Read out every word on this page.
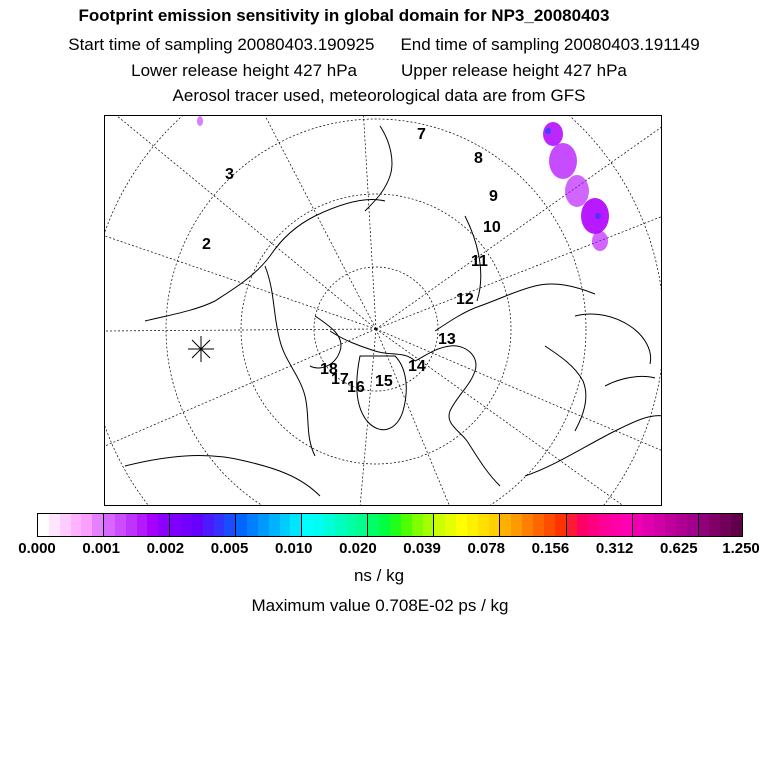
Footprint emission sensitivity in global domain for NP3_20080403
Start time of sampling 20080403.190925 End time of sampling 20080403.191149
Lower release height 427 hPa	Upper release height 427 hPa
Aerosol tracer used, meteorological data are from GFS
2
3
7
8
9
10
11
12
13
14
15
16
17
18
0.000 0.001 0.002 0.005 0.010 0.020 0.039 0.078 0.156 0.312 0.625 1.250
ns / kg
Maximum value 0.708E-02 ps / kg
